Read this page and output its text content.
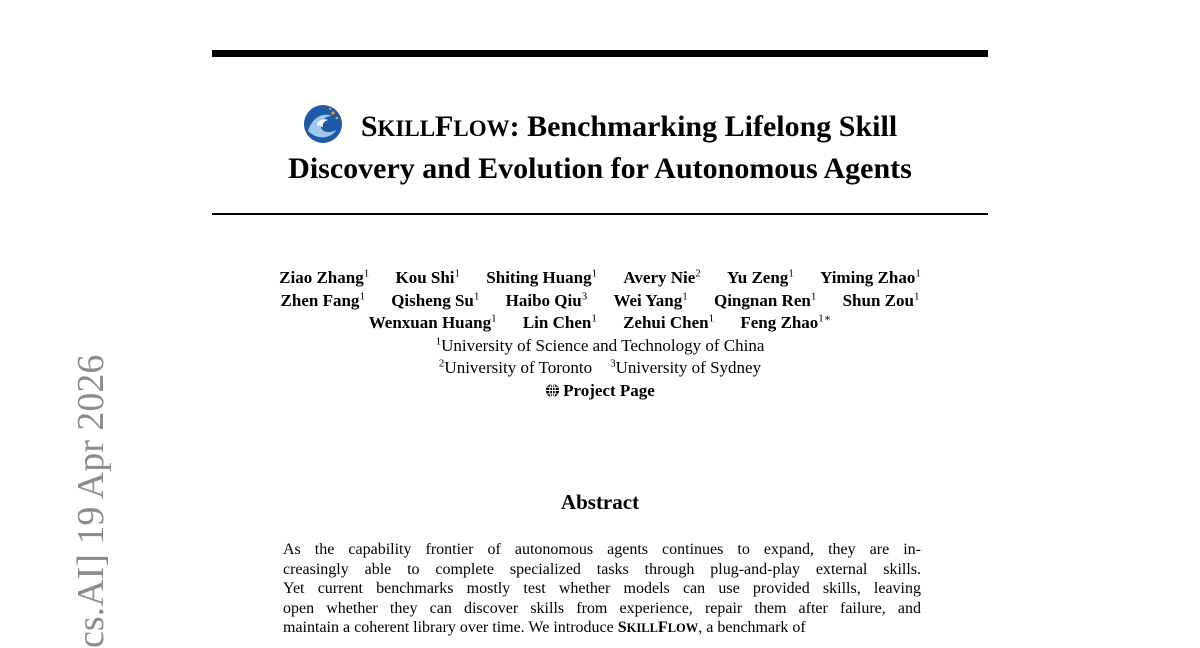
cs.AI] 19 Apr 2026
SKILLFLOW: Benchmarking Lifelong Skill
Discovery and Evolution for Autonomous Agents
Ziao Zhang$^1$ Kou Shi$^1$ Shiting Huang$^1$ Avery Nie$^2$ Yu Zeng$^1$ Yiming Zhao$^1$
Zhen Fang$^1$ Qisheng Su$^1$ Haibo Qiu$^3$ Wei Yang$^1$ Qingnan Ren$^1$ Shun Zou$^1$
Wenxuan Huang$^1$ Lin Chen$^1$ Zehui Chen$^1$ Feng Zhao$^{1∗}$
$^1$University of Science and Technology of China
$^2$University of Toronto $^3$University of Sydney
Project Page
Abstract
As the capability frontier of autonomous agents continues to expand, they are in-
creasingly able to complete specialized tasks through plug-and-play external skills.
Yet current benchmarks mostly test whether models can use provided skills, leaving
open whether they can discover skills from experience, repair them after failure, and
maintain a coherent library over time. We introduce SKILLFLOW, a benchmark of
